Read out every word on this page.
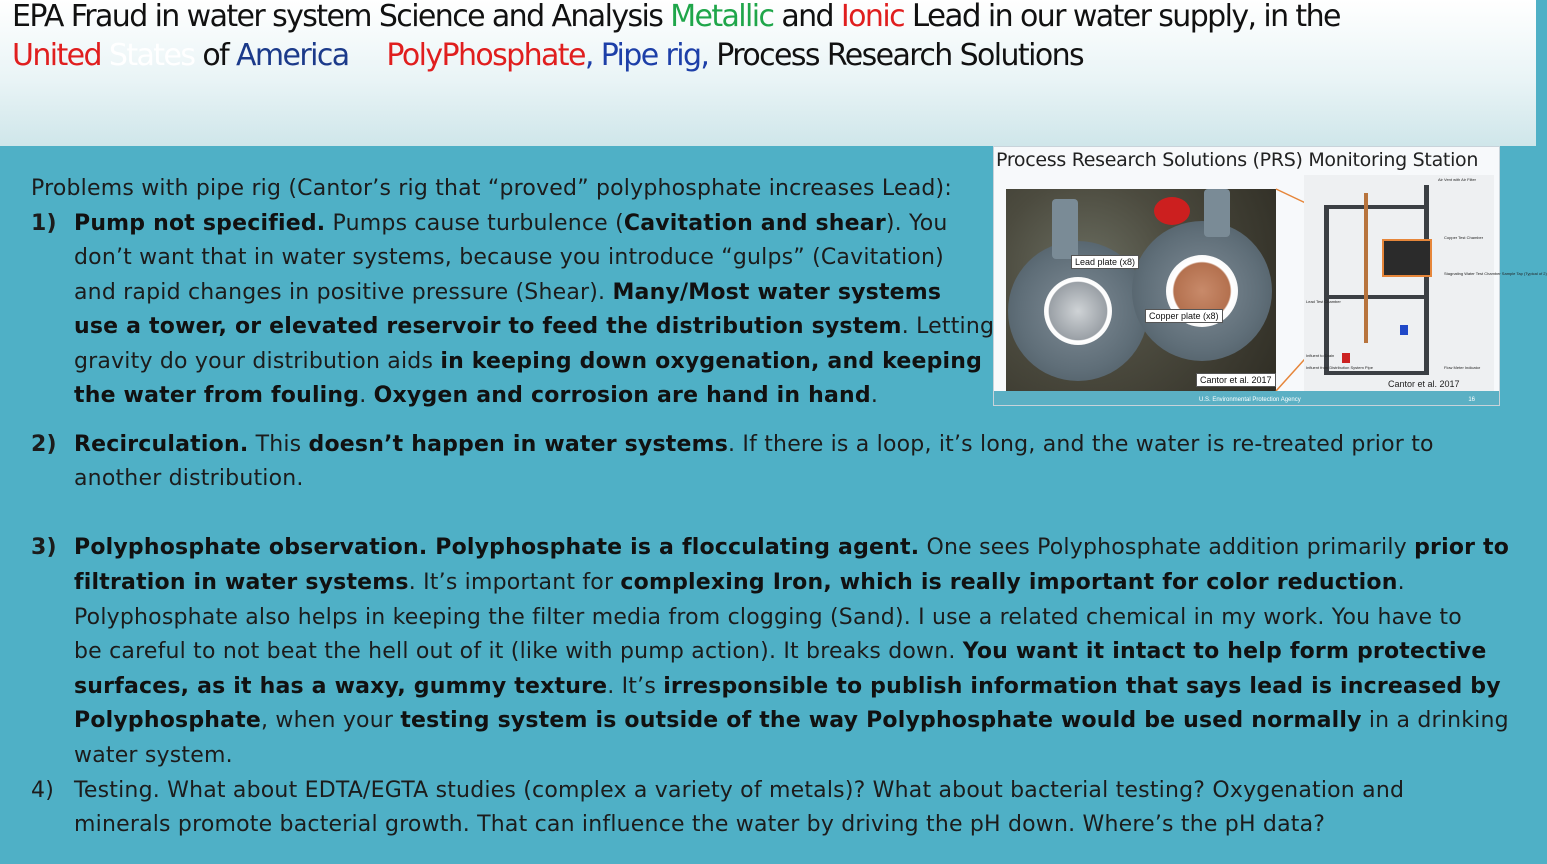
EPA Fraud in water system Science and Analysis Metallic and Ionic Lead in our water supply, in the
United States of America PolyPhosphate, Pipe rig, Process Research Solutions
Process Research Solutions (PRS) Monitoring Station
Lead plate (x8)
Copper plate (x8)
Cantor et al. 2017
Air Vent with Air Filter
Copper Test Chamber
Stagnating Water Test Chamber Sample Tap (Typical of 2)
Lead Test Chamber
Influent to Drain
Influent from Distribution System Pipe	Flow Meter Indicator
Cantor et al. 2017
U.S. Environmental Protection Agency	16
Problems with pipe rig (Cantor’s rig that “proved” polyphosphate increases Lead):
1) Pump not specified. Pumps cause turbulence (Cavitation and shear). You
don’t want that in water systems, because you introduce “gulps” (Cavitation)
and rapid changes in positive pressure (Shear). Many/Most water systems
use a tower, or elevated reservoir to feed the distribution system. Letting
gravity do your distribution aids in keeping down oxygenation, and keeping
the water from fouling. Oxygen and corrosion are hand in hand.
2) Recirculation. This doesn’t happen in water systems. If there is a loop, it’s long, and the water is re-treated prior to
another distribution.
3) Polyphosphate observation. Polyphosphate is a flocculating agent. One sees Polyphosphate addition primarily prior to
filtration in water systems. It’s important for complexing Iron, which is really important for color reduction.
Polyphosphate also helps in keeping the filter media from clogging (Sand). I use a related chemical in my work. You have to
be careful to not beat the hell out of it (like with pump action). It breaks down. You want it intact to help form protective
surfaces, as it has a waxy, gummy texture. It’s irresponsible to publish information that says lead is increased by
Polyphosphate, when your testing system is outside of the way Polyphosphate would be used normally in a drinking
water system.
4) Testing. What about EDTA/EGTA studies (complex a variety of metals)? What about bacterial testing? Oxygenation and
minerals promote bacterial growth. That can influence the water by driving the pH down. Where’s the pH data?
